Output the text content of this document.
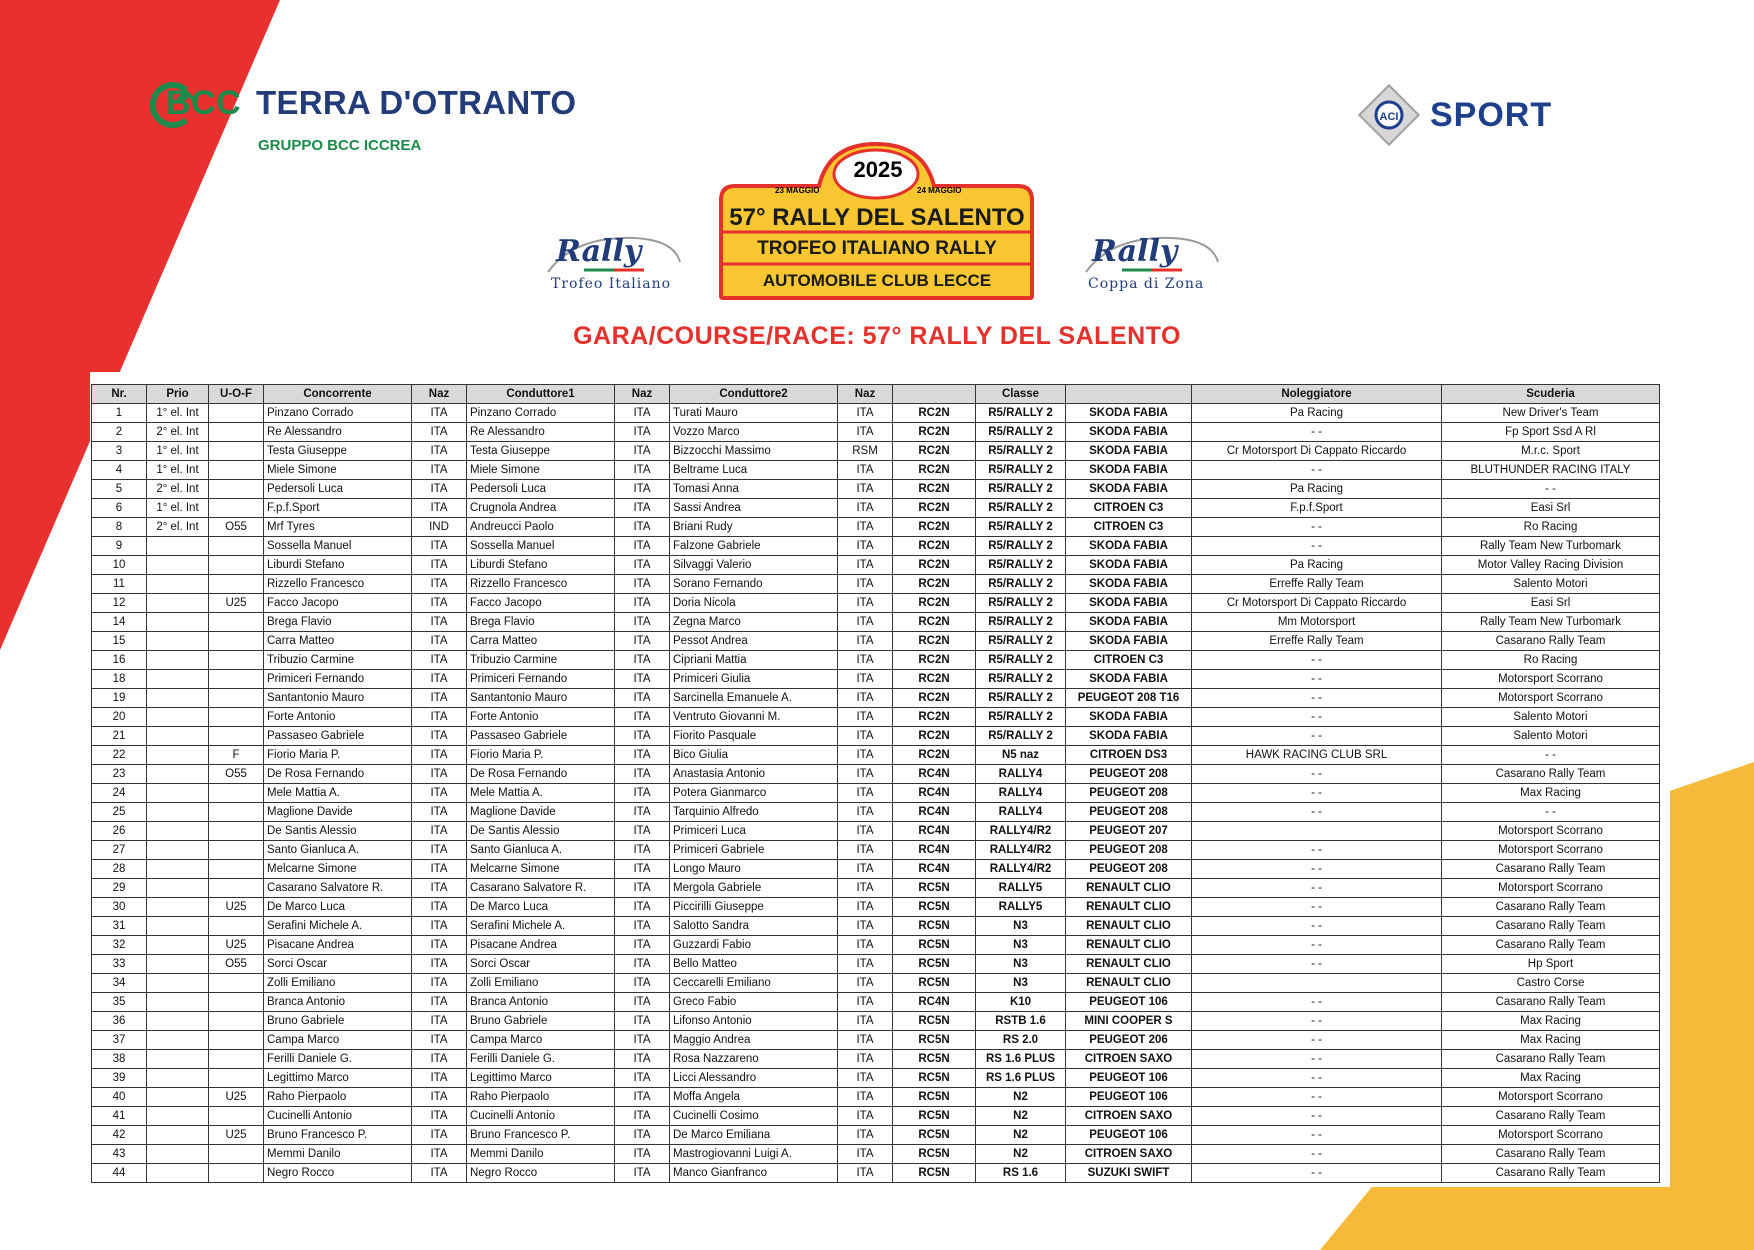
BCC TERRA D'OTRANTO
GRUPPO BCC ICCREA
ACI SPORT
2025
23 MAGGIO	24 MAGGIO
57° RALLY DEL SALENTO
TROFEO ITALIANO RALLY
AUTOMOBILE CLUB LECCE
Rally
Trofeo Italiano
Rally
Coppa di Zona
GARA/COURSE/RACE: 57° RALLY DEL SALENTO
Nr.	Prio	U-O-F	Concorrente	Naz	Conduttore1	Naz	Conduttore2	Naz		Classe		Noleggiatore	Scuderia
1	1° el. Int		Pinzano Corrado	ITA	Pinzano Corrado	ITA	Turati Mauro	ITA	RC2N	R5/RALLY 2	SKODA FABIA	Pa Racing	New Driver's Team
2	2° el. Int		Re Alessandro	ITA	Re Alessandro	ITA	Vozzo Marco	ITA	RC2N	R5/RALLY 2	SKODA FABIA	- -	Fp Sport Ssd A Rl
3	1° el. Int		Testa Giuseppe	ITA	Testa Giuseppe	ITA	Bizzocchi Massimo	RSM	RC2N	R5/RALLY 2	SKODA FABIA	Cr Motorsport Di Cappato Riccardo	M.r.c. Sport
4	1° el. Int		Miele Simone	ITA	Miele Simone	ITA	Beltrame Luca	ITA	RC2N	R5/RALLY 2	SKODA FABIA	- -	BLUTHUNDER RACING ITALY
5	2° el. Int		Pedersoli Luca	ITA	Pedersoli Luca	ITA	Tomasi Anna	ITA	RC2N	R5/RALLY 2	SKODA FABIA	Pa Racing	- -
6	1° el. Int		F.p.f.Sport	ITA	Crugnola Andrea	ITA	Sassi Andrea	ITA	RC2N	R5/RALLY 2	CITROEN C3	F.p.f.Sport	Easi Srl
8	2° el. Int	O55	Mrf Tyres	IND	Andreucci Paolo	ITA	Briani Rudy	ITA	RC2N	R5/RALLY 2	CITROEN C3	- -	Ro Racing
9			Sossella Manuel	ITA	Sossella Manuel	ITA	Falzone Gabriele	ITA	RC2N	R5/RALLY 2	SKODA FABIA	- -	Rally Team New Turbomark
10			Liburdi Stefano	ITA	Liburdi Stefano	ITA	Silvaggi Valerio	ITA	RC2N	R5/RALLY 2	SKODA FABIA	Pa Racing	Motor Valley Racing Division
11			Rizzello Francesco	ITA	Rizzello Francesco	ITA	Sorano Fernando	ITA	RC2N	R5/RALLY 2	SKODA FABIA	Erreffe Rally Team	Salento Motori
12		U25	Facco Jacopo	ITA	Facco Jacopo	ITA	Doria Nicola	ITA	RC2N	R5/RALLY 2	SKODA FABIA	Cr Motorsport Di Cappato Riccardo	Easi Srl
14			Brega Flavio	ITA	Brega Flavio	ITA	Zegna Marco	ITA	RC2N	R5/RALLY 2	SKODA FABIA	Mm Motorsport	Rally Team New Turbomark
15			Carra Matteo	ITA	Carra Matteo	ITA	Pessot Andrea	ITA	RC2N	R5/RALLY 2	SKODA FABIA	Erreffe Rally Team	Casarano Rally Team
16			Tribuzio Carmine	ITA	Tribuzio Carmine	ITA	Cipriani Mattia	ITA	RC2N	R5/RALLY 2	CITROEN C3	- -	Ro Racing
18			Primiceri Fernando	ITA	Primiceri Fernando	ITA	Primiceri Giulia	ITA	RC2N	R5/RALLY 2	SKODA FABIA	- -	Motorsport Scorrano
19			Santantonio Mauro	ITA	Santantonio Mauro	ITA	Sarcinella Emanuele A.	ITA	RC2N	R5/RALLY 2	PEUGEOT 208 T16	- -	Motorsport Scorrano
20			Forte Antonio	ITA	Forte Antonio	ITA	Ventruto Giovanni M.	ITA	RC2N	R5/RALLY 2	SKODA FABIA	- -	Salento Motori
21			Passaseo Gabriele	ITA	Passaseo Gabriele	ITA	Fiorito Pasquale	ITA	RC2N	R5/RALLY 2	SKODA FABIA	- -	Salento Motori
22		F	Fiorio Maria P.	ITA	Fiorio Maria P.	ITA	Bico Giulia	ITA	RC2N	N5 naz	CITROEN DS3	HAWK RACING CLUB SRL	- -
23		O55	De Rosa Fernando	ITA	De Rosa Fernando	ITA	Anastasia Antonio	ITA	RC4N	RALLY4	PEUGEOT 208	- -	Casarano Rally Team
24			Mele Mattia A.	ITA	Mele Mattia A.	ITA	Potera Gianmarco	ITA	RC4N	RALLY4	PEUGEOT 208	- -	Max Racing
25			Maglione Davide	ITA	Maglione Davide	ITA	Tarquinio Alfredo	ITA	RC4N	RALLY4	PEUGEOT 208	- -	- -
26			De Santis Alessio	ITA	De Santis Alessio	ITA	Primiceri Luca	ITA	RC4N	RALLY4/R2	PEUGEOT 207		Motorsport Scorrano
27			Santo Gianluca A.	ITA	Santo Gianluca A.	ITA	Primiceri Gabriele	ITA	RC4N	RALLY4/R2	PEUGEOT 208	- -	Motorsport Scorrano
28			Melcarne Simone	ITA	Melcarne Simone	ITA	Longo Mauro	ITA	RC4N	RALLY4/R2	PEUGEOT 208	- -	Casarano Rally Team
29			Casarano Salvatore R.	ITA	Casarano Salvatore R.	ITA	Mergola Gabriele	ITA	RC5N	RALLY5	RENAULT CLIO	- -	Motorsport Scorrano
30		U25	De Marco Luca	ITA	De Marco Luca	ITA	Piccirilli Giuseppe	ITA	RC5N	RALLY5	RENAULT CLIO	- -	Casarano Rally Team
31			Serafini Michele A.	ITA	Serafini Michele A.	ITA	Salotto Sandra	ITA	RC5N	N3	RENAULT CLIO	- -	Casarano Rally Team
32		U25	Pisacane Andrea	ITA	Pisacane Andrea	ITA	Guzzardi Fabio	ITA	RC5N	N3	RENAULT CLIO	- -	Casarano Rally Team
33		O55	Sorci Oscar	ITA	Sorci Oscar	ITA	Bello Matteo	ITA	RC5N	N3	RENAULT CLIO	- -	Hp Sport
34			Zolli Emiliano	ITA	Zolli Emiliano	ITA	Ceccarelli Emiliano	ITA	RC5N	N3	RENAULT CLIO		Castro Corse
35			Branca Antonio	ITA	Branca Antonio	ITA	Greco Fabio	ITA	RC4N	K10	PEUGEOT 106	- -	Casarano Rally Team
36			Bruno Gabriele	ITA	Bruno Gabriele	ITA	Lifonso Antonio	ITA	RC5N	RSTB 1.6	MINI COOPER S	- -	Max Racing
37			Campa Marco	ITA	Campa Marco	ITA	Maggio Andrea	ITA	RC5N	RS 2.0	PEUGEOT 206	- -	Max Racing
38			Ferilli Daniele G.	ITA	Ferilli Daniele G.	ITA	Rosa Nazzareno	ITA	RC5N	RS 1.6 PLUS	CITROEN SAXO	- -	Casarano Rally Team
39			Legittimo Marco	ITA	Legittimo Marco	ITA	Licci Alessandro	ITA	RC5N	RS 1.6 PLUS	PEUGEOT 106	- -	Max Racing
40		U25	Raho Pierpaolo	ITA	Raho Pierpaolo	ITA	Moffa Angela	ITA	RC5N	N2	PEUGEOT 106	- -	Motorsport Scorrano
41			Cucinelli Antonio	ITA	Cucinelli Antonio	ITA	Cucinelli Cosimo	ITA	RC5N	N2	CITROEN SAXO	- -	Casarano Rally Team
42		U25	Bruno Francesco P.	ITA	Bruno Francesco P.	ITA	De Marco Emiliana	ITA	RC5N	N2	PEUGEOT 106	- -	Motorsport Scorrano
43			Memmi Danilo	ITA	Memmi Danilo	ITA	Mastrogiovanni Luigi A.	ITA	RC5N	N2	CITROEN SAXO	- -	Casarano Rally Team
44			Negro Rocco	ITA	Negro Rocco	ITA	Manco Gianfranco	ITA	RC5N	RS 1.6	SUZUKI SWIFT	- -	Casarano Rally Team
